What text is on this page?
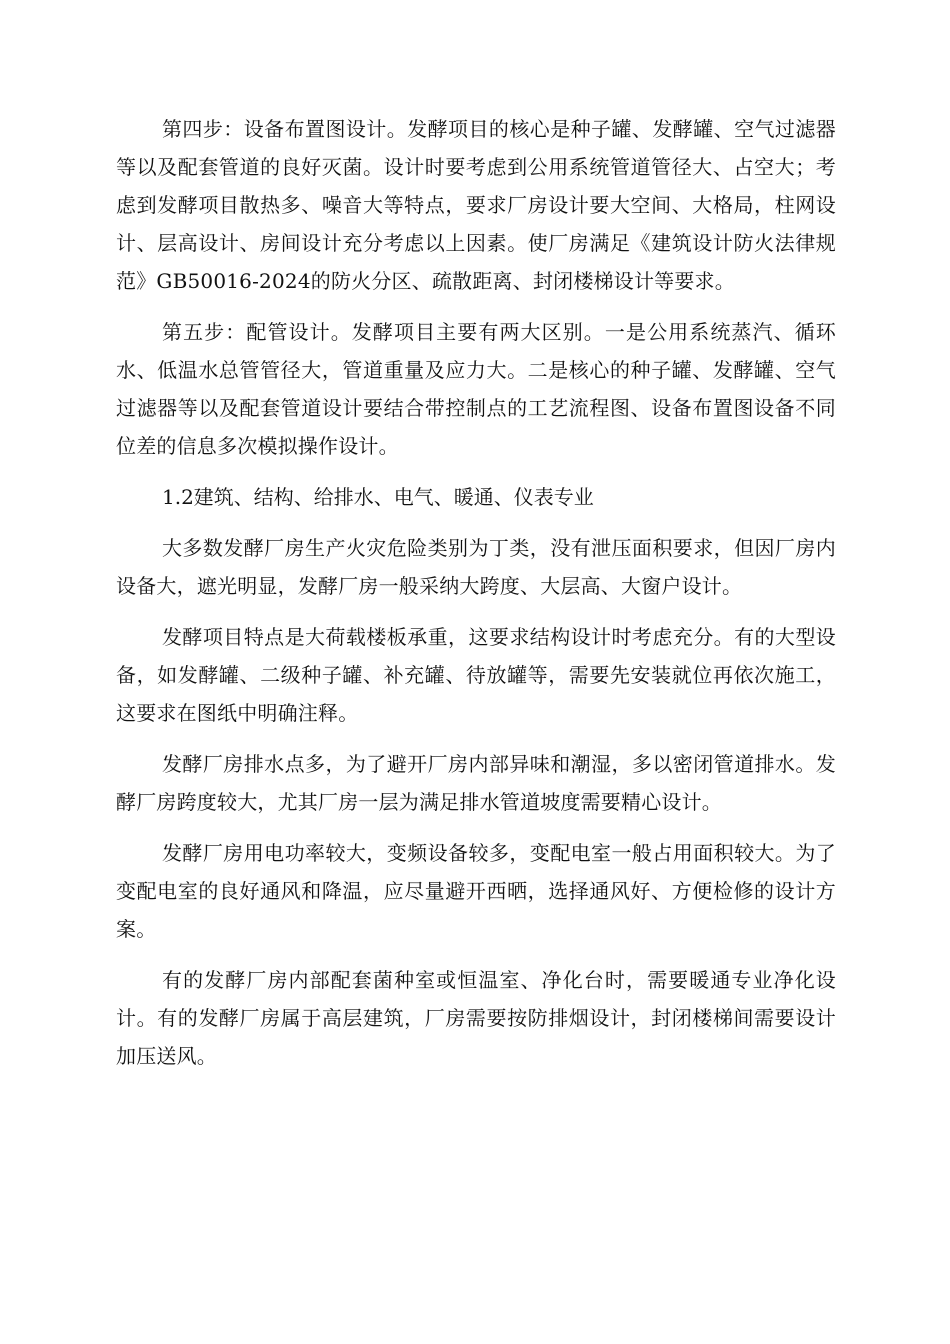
第四步：设备布置图设计。发酵项目的核心是种子罐、发酵罐、空气过滤器等以及配套管道的良好灭菌。设计时要考虑到公用系统管道管径大、占空大；考虑到发酵项目散热多、噪音大等特点，要求厂房设计要大空间、大格局，柱网设计、层高设计、房间设计充分考虑以上因素。使厂房满足《建筑设计防火法律规范》GB50016-2024的防火分区、疏散距离、封闭楼梯设计等要求。

第五步：配管设计。发酵项目主要有两大区别。一是公用系统蒸汽、循环水、低温水总管管径大，管道重量及应力大。二是核心的种子罐、发酵罐、空气过滤器等以及配套管道设计要结合带控制点的工艺流程图、设备布置图设备不同位差的信息多次模拟操作设计。

1.2建筑、结构、给排水、电气、暖通、仪表专业

大多数发酵厂房生产火灾危险类别为丁类，没有泄压面积要求，但因厂房内设备大，遮光明显，发酵厂房一般采纳大跨度、大层高、大窗户设计。

发酵项目特点是大荷载楼板承重，这要求结构设计时考虑充分。有的大型设备，如发酵罐、二级种子罐、补充罐、待放罐等，需要先安装就位再依次施工，这要求在图纸中明确注释。

发酵厂房排水点多，为了避开厂房内部异味和潮湿，多以密闭管道排水。发酵厂房跨度较大，尤其厂房一层为满足排水管道坡度需要精心设计。

发酵厂房用电功率较大，变频设备较多，变配电室一般占用面积较大。为了变配电室的良好通风和降温，应尽量避开西晒，选择通风好、方便检修的设计方案。

有的发酵厂房内部配套菌种室或恒温室、净化台时，需要暖通专业净化设计。有的发酵厂房属于高层建筑，厂房需要按防排烟设计，封闭楼梯间需要设计加压送风。
